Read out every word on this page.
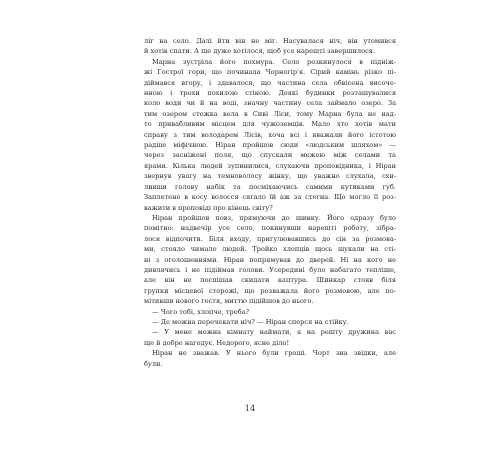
ліг на село. Далі йти він не міг. Насувалася ніч, він утомився
й хотів спати. А ще дуже хотілося, щоб усе нарешті завершилося.
Марна зустріла його похмура. Село розкинулося в підніж-
жі Гострої гори, що починала Чорногір'я. Сірий камінь різко пі-
діймався вгору, і здавалося, що частина села обвісена височе-
нною і трохи похилою стіною. Деякі будинки розташувалися
коло води чи й на воді, значну частину села займало озеро. За
тим озером стежка вела в Сиві Ліси, тому Марна була не над-
то привабливим місцем для чужоземців. Мало хто хотів мати
справу з тим володарем Лісів, хоча всі і вважали його істотою
радше міфічною. Ніран пройшов сюди «людським шляхом» —
через засніжені поля, що спускали межею між селами та
ярами. Кілька людей зупинилися, слухаючи проповідника, і Ніран
звернув увагу на темноволосу жінку, що уважно слухала, схи-
ливши голову набік та посміхаючись самими кутиками губ.
Заплетене в косу волосся сягало їй аж за стегна. Що могло її роз-
важити в проповіді про кінець світу?
Ніран пройшов повз, прямуючи до шинку. Його одразу було
помітно: надвечір усе село, покинувши нарешті роботу, зібра-
лося відпочити. Біля входу, пригулювавшись до сін за розмова-
ми, стояло чимало людей. Тройко хлопців щось шукали на сті-
ні з оголошеннями. Ніран попрямував до дверей. Ні на кого не
дивлячись і не підіймав голови. Усередині було набагато тепліше,
але він не поспішав скидати каптура. Шинкар стояв біля
групки місцевої сторожі, що розважала його розмовою, але по-
мітивши нового гостя, миттю підійшов до нього.
— Чого тобі, хлопче, треба?
— Де можна перечекати ніч? — Ніран сперся на стійку.
— У мене можна кімнату наймати, а на решту дружина вас
ще й добре нагодує. Недорого, ясне діло!
Ніран не зважав. У нього були гроші. Чорт зна звідки, але
були.
14
